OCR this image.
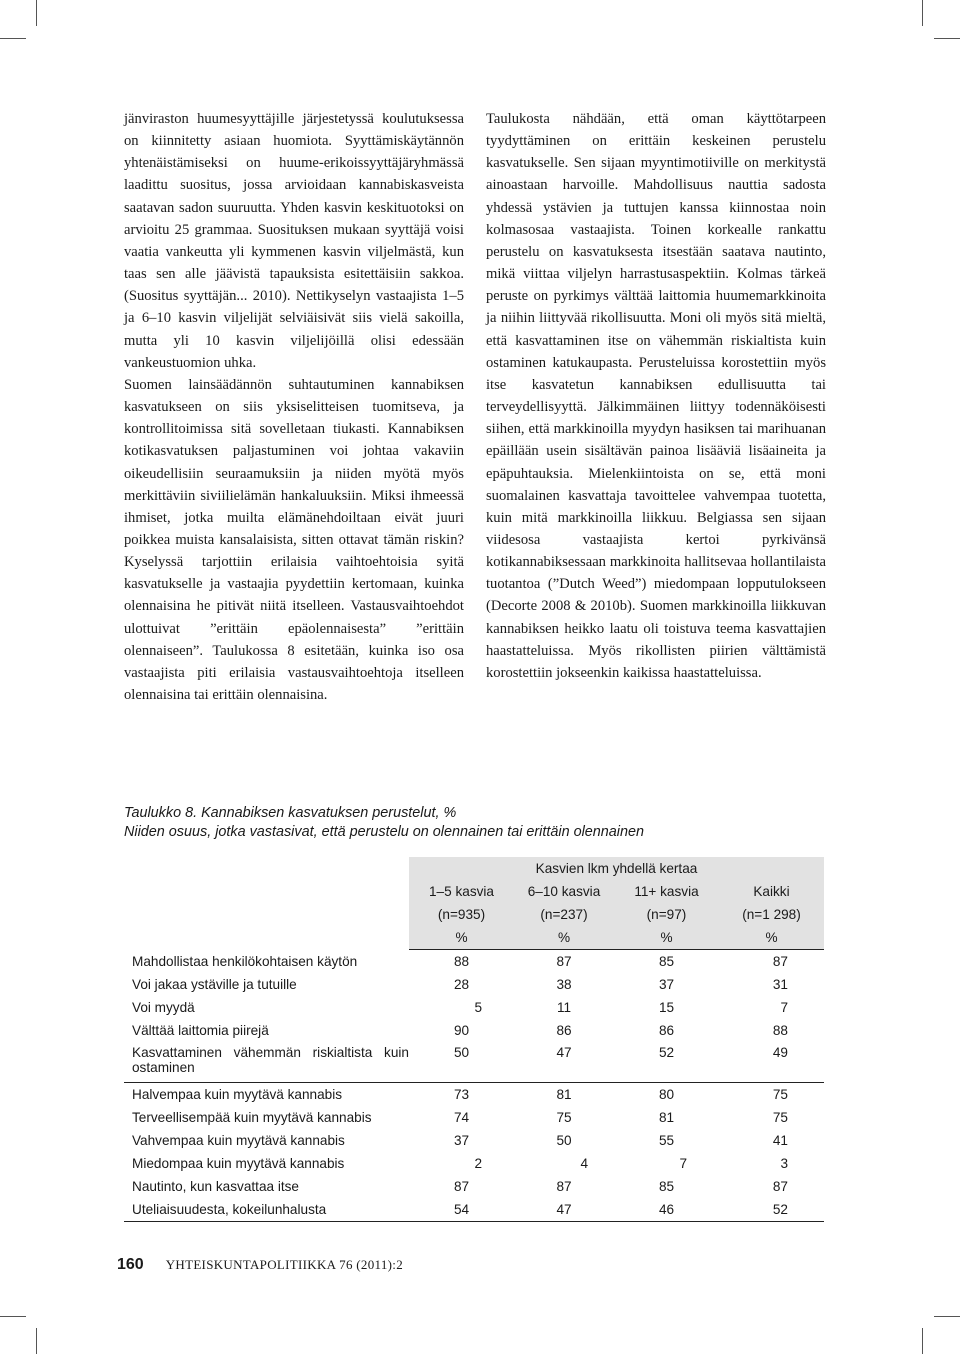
jänviraston huumesyyttäjille järjestetyssä koulutuksessa on kiinnitetty asiaan huomiota. Syyttämiskäytännön yhtenäistämiseksi on huume-erikoissyyttäjäryhmässä laadittu suositus, jossa arvioidaan kannabiskasveista saatavan sadon suuruutta. Yhden kasvin keskituotoksi on arvioitu 25 grammaa. Suosituksen mukaan syyttäjä voisi vaatia vankeutta yli kymmenen kasvin viljelmästä, kun taas sen alle jäävistä tapauksista esitettäisiin sakkoa. (Suositus syyttäjän... 2010). Nettikyselyn vastaajista 1–5 ja 6–10 kasvin viljelijät selviäisivät siis vielä sakoilla, mutta yli 10 kasvin viljelijöillä olisi edessään vankeustuomion uhka.

Suomen lainsäädännön suhtautuminen kannabiksen kasvatukseen on siis yksiselitteisen tuomitseva, ja kontrollitoimissa sitä sovelletaan tiukasti. Kannabiksen kotikasvatuksen paljastuminen voi johtaa vakaviin oikeudellisiin seuraamuksiin ja niiden myötä myös merkittäviin siviilielämän hankaluuksiin. Miksi ihmeessä ihmiset, jotka muilta elämänehdoiltaan eivät juuri poikkea muista kansalaisista, sitten ottavat tämän riskin? Kyselyssä tarjottiin erilaisia vaihtoehtoisia syitä kasvatukselle ja vastaajia pyydettiin kertomaan, kuinka olennaisina he pitivät niitä itselleen. Vastausvaihtoehdot ulottuivat ”erittäin epäolennaisesta” ”erittäin olennaiseen”. Taulukossa 8 esitetään, kuinka iso osa vastaajista piti erilaisia vastausvaihtoehtoja itselleen olennaisina tai erittäin olennaisina.

Taulukosta nähdään, että oman käyttötarpeen tyydyttäminen on erittäin keskeinen perustelu kasvatukselle. Sen sijaan myyntimotiiville on merkitystä ainoastaan harvoille. Mahdollisuus nauttia sadosta yhdessä ystävien ja tuttujen kanssa kiinnostaa noin kolmasosaa vastaajista. Toinen korkealle rankattu perustelu on kasvatuksesta itsestään saatava nautinto, mikä viittaa viljelyn harrastusaspektiin. Kolmas tärkeä peruste on pyrkimys välttää laittomia huumemarkkinoita ja niihin liittyvää rikollisuutta. Moni oli myös sitä mieltä, että kasvattaminen itse on vähemmän riskialtista kuin ostaminen katukaupasta. Perusteluissa korostettiin myös itse kasvatetun kannabiksen edullisuutta tai terveydellisyyttä. Jälkimmäinen liittyy todennäköisesti siihen, että markkinoilla myydyn hasiksen tai marihuanan epäillään usein sisältävän painoa lisääviä lisäaineita ja epäpuhtauksia. Mielenkiintoista on se, että moni suomalainen kasvattaja tavoittelee vahvempaa tuotetta, kuin mitä markkinoilla liikkuu. Belgiassa sen sijaan viidesosa vastaajista kertoi pyrkivänsä kotikannabiksessaan markkinoita hallitsevaa hollantilaista tuotantoa (”Dutch Weed”) miedompaan lopputulokseen (Decorte 2008 & 2010b). Suomen markkinoilla liikkuvan kannabiksen heikko laatu oli toistuva teema kasvattajien haastatteluissa. Myös rikollisten piirien välttämistä korostettiin jokseenkin kaikissa haastatteluissa.

Taulukko 8. Kannabiksen kasvatuksen perustelut, %
Niiden osuus, jotka vastasivat, että perustelu on olennainen tai erittäin olennainen
		Kasvien lkm yhdellä kertaa		
	1–5 kasvia	6–10 kasvia	11+ kasvia	Kaikki
	(n=935)	(n=237)	(n=97)	(n=1 298)
	%	%	%	%
Mahdollistaa henkilökohtaisen käytön	88	87	85	87
Voi jakaa ystäville ja tutuille	28	38	37	31
Voi myydä	5	11	15	7
Välttää laittomia piirejä	90	86	86	88
Kasvattaminen vähemmän riskialtista kuin ostaminen	50	47	52	49
Halvempaa kuin myytävä kannabis	73	81	80	75
Terveellisempää kuin myytävä kannabis	74	75	81	75
Vahvempaa kuin myytävä kannabis	37	50	55	41
Miedompaa kuin myytävä kannabis	2	4	7	3
Nautinto, kun kasvattaa itse	87	87	85	87
Uteliaisuudesta, kokeilunhalusta	54	47	46	52
160 YHTEISKUNTAPOLITIIKKA 76 (2011):2
